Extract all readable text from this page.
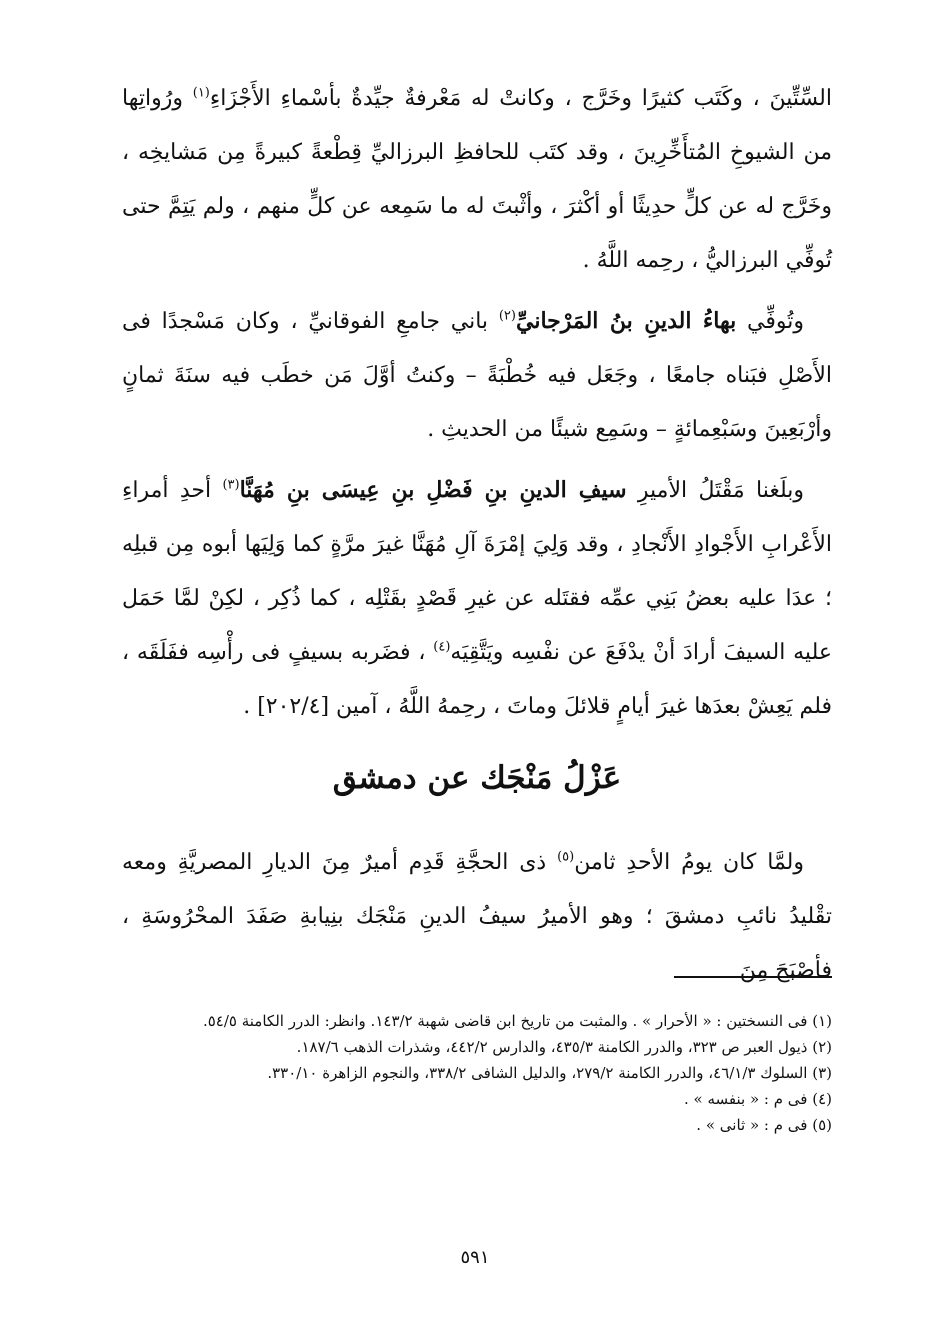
السِّتِّينَ ، وكَتَب كثيرًا وخَرَّج ، وكانتْ له مَعْرفةٌ جيِّدةٌ بأسْماءِ الأَجْزَاءِ$^{(١)}$ ورُواتِها من الشيوخِ المُتأَخِّرِينَ ، وقد كتَب للحافظِ البرزاليِّ قِطْعةً كبيرةً مِن مَشايخِه ، وخَرَّج له عن كلٍّ حدِيثًا أو أكْثرَ ، وأثْبتَ له ما سَمِعه عن كلٍّ منهم ، ولم يَتِمَّ حتى تُوفِّي البرزاليُّ ، رحِمه اللَّهُ .

وتُوفِّي بهاءُ الدينِ بنُ المَرْجانيِّ$^{(٢)}$ باني جامعِ الفوقانيِّ ، وكان مَسْجدًا فى الأَصْلِ فبَناه جامعًا ، وجَعَل فيه خُطْبَةً – وكنتُ أوَّلَ مَن خطَب فيه سنَةَ ثمانٍ وأرْبَعِينَ وسَبْعِمائةٍ – وسَمِع شيئًا من الحديثِ .

وبلَغنا مَقْتَلُ الأميرِ سيفِ الدينِ بنِ فَضْلِ بنِ عِيسَى بنِ مُهَنَّا$^{(٣)}$ أحدِ أمراءِ الأَعْرابِ الأَجْوادِ الأَنْجادِ ، وقد وَلِيَ إمْرَةَ آلِ مُهَنَّا غيرَ مرَّةٍ كما وَلِيَها أبوه مِن قبلِه ؛ عدَا عليه بعضُ بَنِي عمِّه فقتَله عن غيرِ قَصْدٍ بقَتْلِه ، كما ذُكِر ، لكِنْ لمَّا حَمَل عليه السيفَ أرادَ أنْ يدْفَعَ عن نفْسِه ويَتَّقِيَه$^{(٤)}$ ، فضَربه بسيفٍ فى رأْسِه ففَلَقَه ، فلم يَعِشْ بعدَها غيرَ أيامٍ قلائلَ وماتَ ، رحِمهُ اللَّهُ ، آمين [٢٠٢/٤] .

عَزْلُ مَنْجَك عن دمشق

ولمَّا كان يومُ الأحدِ ثامن$^{(٥)}$ ذى الحجَّةِ قَدِم أميرٌ مِنَ الديارِ المصريَّةِ ومعه تقْليدُ نائبِ دمشقَ ؛ وهو الأميرُ سيفُ الدينِ مَنْجَك بنِيابةِ صَفَدَ المحْرُوسَةِ ، فأصْبَحَ مِنَ

(١) فى النسختين : « الأحرار » . والمثبت من تاريخ ابن قاضى شهبة ١٤٣/٢. وانظر: الدرر الكامنة ٥٤/٥.
(٢) ذيول العبر ص ٣٢٣، والدرر الكامنة ٤٣٥/٣، والدارس ٤٤٢/٢، وشذرات الذهب ١٨٧/٦.
(٣) السلوك ٤٦/١/٣، والدرر الكامنة ٢٧٩/٢، والدليل الشافى ٣٣٨/٢، والنجوم الزاهرة ٣٣٠/١٠.
(٤) فى م : « بنفسه » .
(٥) فى م : « ثانى » .
٥٩١
